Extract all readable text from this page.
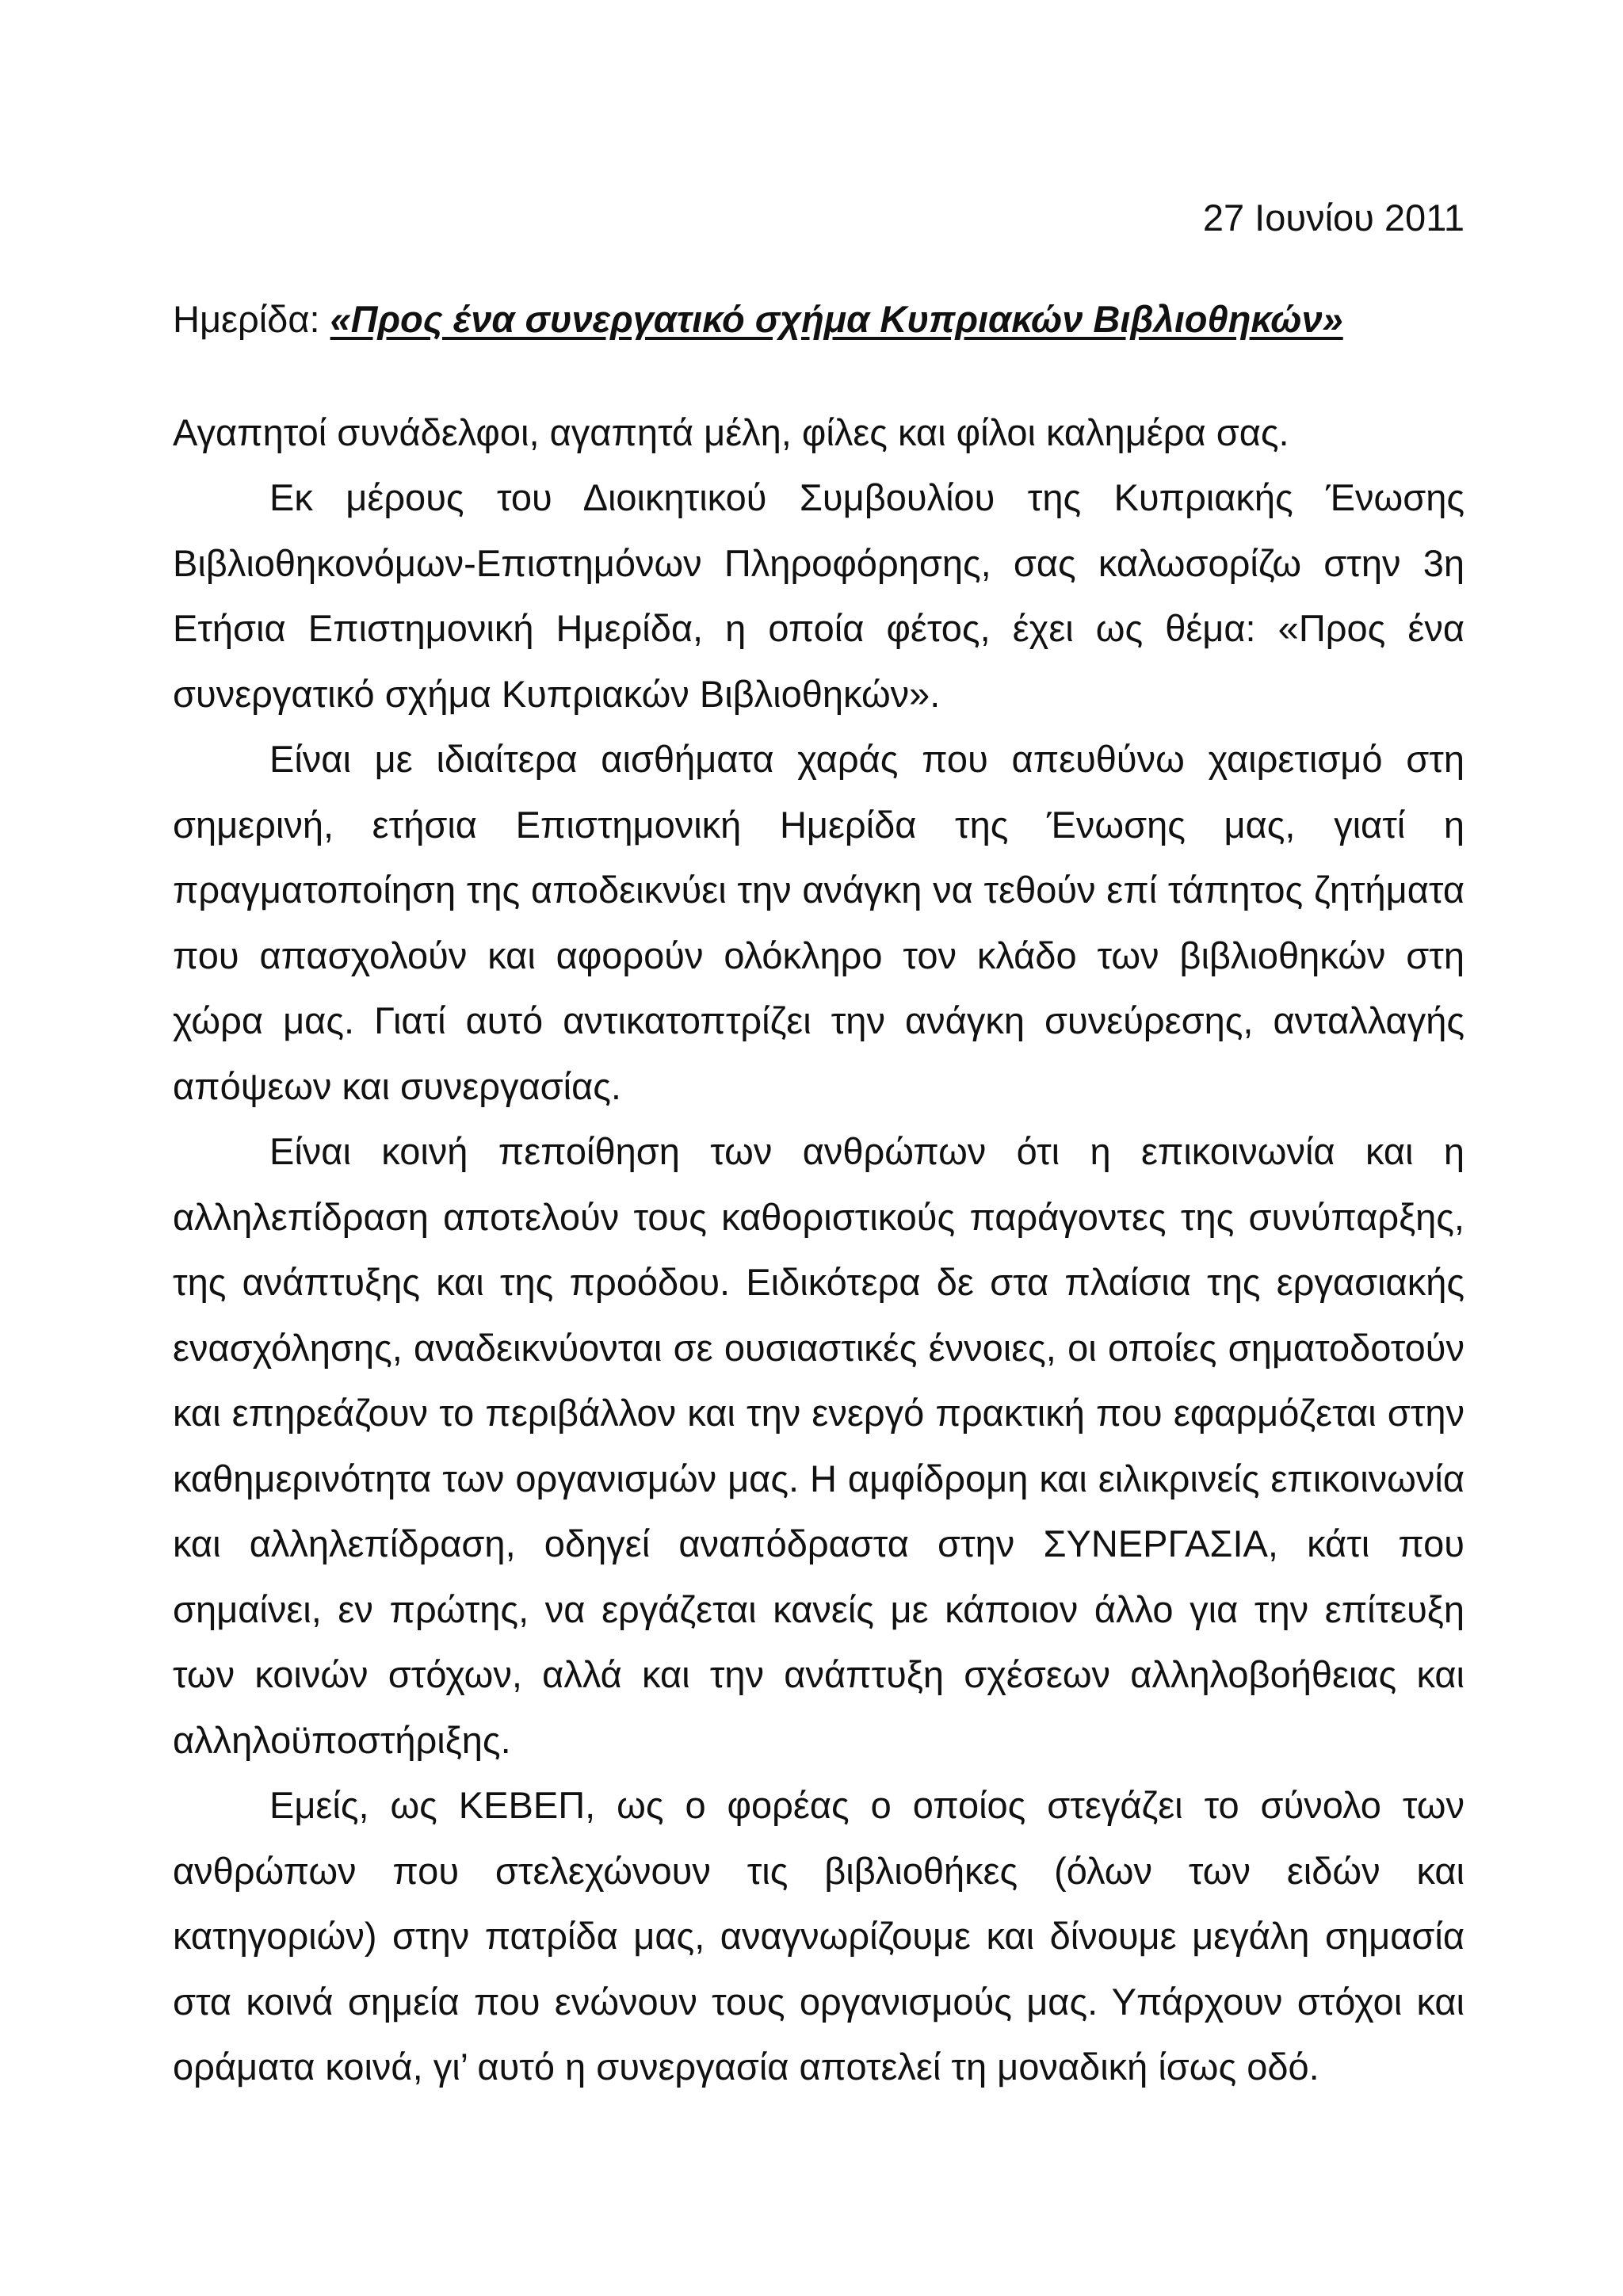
27 Ιουνίου 2011

Ημερίδα: «Προς ένα συνεργατικό σχήμα Κυπριακών Βιβλιοθηκών»

Αγαπητοί συνάδελφοι, αγαπητά μέλη, φίλες και φίλοι καλημέρα σας.

Εκ μέρους του Διοικητικού Συμβουλίου της Κυπριακής Ένωσης Βιβλιοθηκονόμων-Επιστημόνων Πληροφόρησης, σας καλωσορίζω στην 3η Ετήσια Επιστημονική Ημερίδα, η οποία φέτος, έχει ως θέμα: «Προς ένα συνεργατικό σχήμα Κυπριακών Βιβλιοθηκών».

Είναι με ιδιαίτερα αισθήματα χαράς που απευθύνω χαιρετισμό στη σημερινή, ετήσια Επιστημονική Ημερίδα της Ένωσης μας, γιατί η πραγματοποίηση της αποδεικνύει την ανάγκη να τεθούν επί τάπητος ζητήματα που απασχολούν και αφορούν ολόκληρο τον κλάδο των βιβλιοθηκών στη χώρα μας. Γιατί αυτό αντικατοπτρίζει την ανάγκη συνεύρεσης, ανταλλαγής απόψεων και συνεργασίας.

Είναι κοινή πεποίθηση των ανθρώπων ότι η επικοινωνία και η αλληλεπίδραση αποτελούν τους καθοριστικούς παράγοντες της συνύπαρξης, της ανάπτυξης και της προόδου. Ειδικότερα δε στα πλαίσια της εργασιακής ενασχόλησης, αναδεικνύονται σε ουσιαστικές έννοιες, οι οποίες σηματοδοτούν και επηρεάζουν το περιβάλλον και την ενεργό πρακτική που εφαρμόζεται στην καθημερινότητα των οργανισμών μας. Η αμφίδρομη και ειλικρινείς επικοινωνία και αλληλεπίδραση, οδηγεί αναπόδραστα στην ΣΥΝΕΡΓΑΣΙΑ, κάτι που σημαίνει, εν πρώτης, να εργάζεται κανείς με κάποιον άλλο για την επίτευξη των κοινών στόχων, αλλά και την ανάπτυξη σχέσεων αλληλοβοήθειας και αλληλοϋποστήριξης.

Εμείς, ως ΚΕΒΕΠ, ως ο φορέας ο οποίος στεγάζει το σύνολο των ανθρώπων που στελεχώνουν τις βιβλιοθήκες (όλων των ειδών και κατηγοριών) στην πατρίδα μας, αναγνωρίζουμε και δίνουμε μεγάλη σημασία στα κοινά σημεία που ενώνουν τους οργανισμούς μας. Υπάρχουν στόχοι και οράματα κοινά, γι’ αυτό η συνεργασία αποτελεί τη μοναδική ίσως οδό.
